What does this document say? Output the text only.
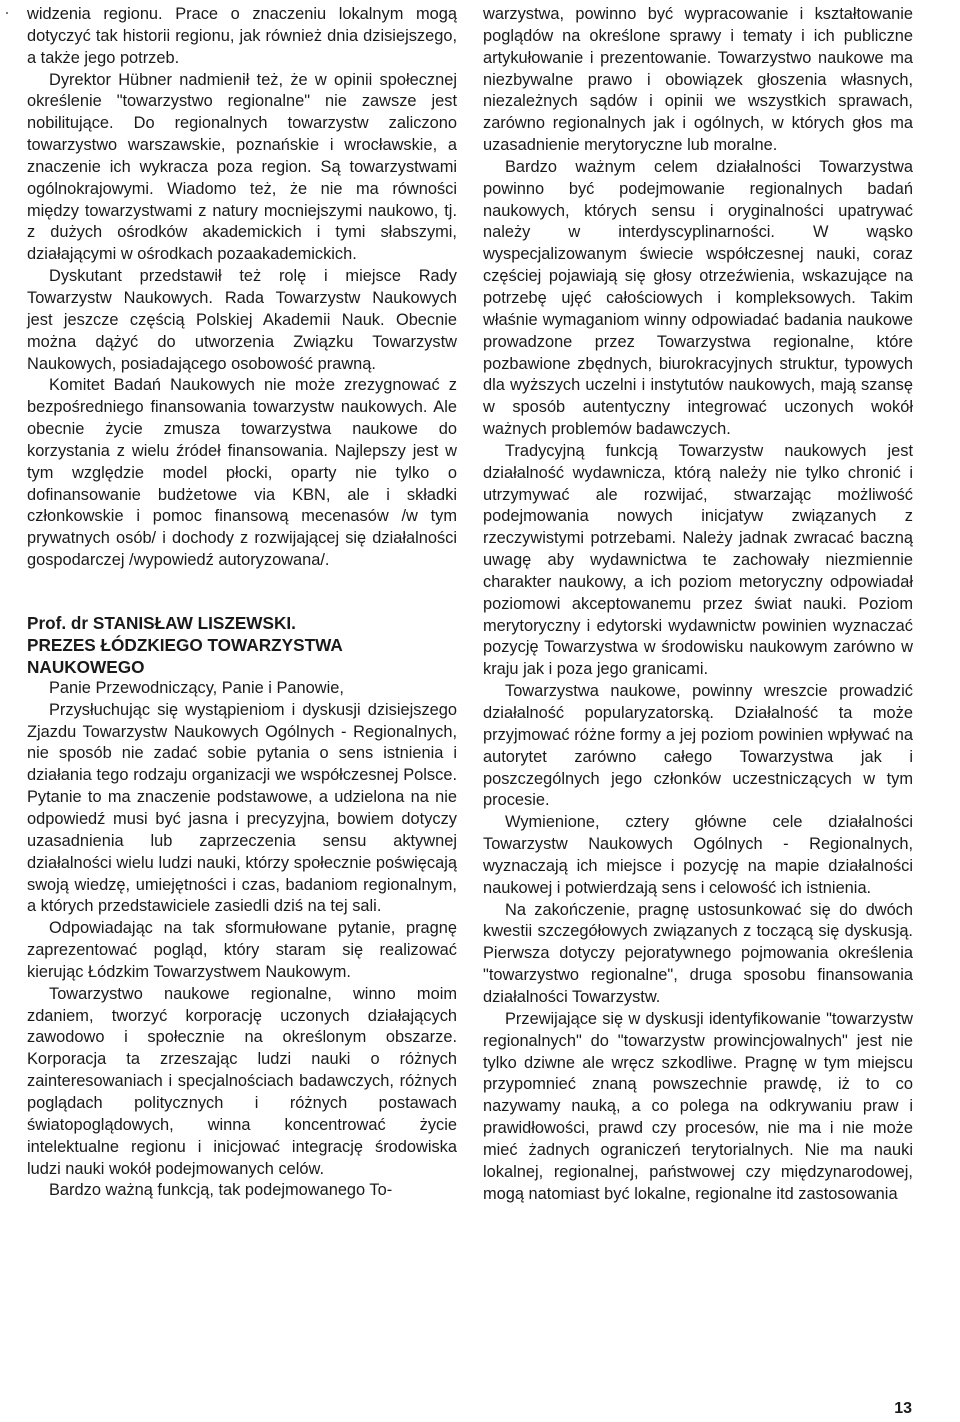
widzenia regionu. Prace o znaczeniu lokalnym mogą dotyczyć tak historii regionu, jak również dnia dzisiejszego, a także jego potrzeb.

Dyrektor Hübner nadmienił też, że w opinii społecznej określenie "towarzystwo regionalne" nie zawsze jest nobilitujące. Do regionalnych towarzystw zaliczono towarzystwo warszawskie, poznańskie i wrocławskie, a znaczenie ich wykracza poza region. Są towarzystwami ogólnokrajowymi. Wiadomo też, że nie ma równości między towarzystwami z natury mocniejszymi naukowo, tj. z dużych ośrodków akademickich i tymi słabszymi, działającymi w ośrodkach pozaakademickich.

Dyskutant przedstawił też rolę i miejsce Rady Towarzystw Naukowych. Rada Towarzystw Naukowych jest jeszcze częścią Polskiej Akademii Nauk. Obecnie można dążyć do utworzenia Związku Towarzystw Naukowych, posiadającego osobowość prawną.

Komitet Badań Naukowych nie może zrezygnować z bezpośredniego finansowania towarzystw naukowych. Ale obecnie życie zmusza towarzystwa naukowe do korzystania z wielu źródeł finansowania. Najlepszy jest w tym względzie model płocki, oparty nie tylko o dofinansowanie budżetowe via KBN, ale i składki członkowskie i pomoc finansową mecenasów /w tym prywatnych osób/ i dochody z rozwijającej się działalności gospodarczej /wypowiedź autoryzowana/.

Prof. dr STANISŁAW LISZEWSKI.

PREZES ŁÓDZKIEGO TOWARZYSTWA NAUKOWEGO

Panie Przewodniczący, Panie i Panowie,

Przysłuchując się wystąpieniom i dyskusji dzisiejszego Zjazdu Towarzystw Naukowych Ogólnych - Regionalnych, nie sposób nie zadać sobie pytania o sens istnienia i działania tego rodzaju organizacji we współczesnej Polsce. Pytanie to ma znaczenie podstawowe, a udzielona na nie odpowiedź musi być jasna i precyzyjna, bowiem dotyczy uzasadnienia lub zaprzeczenia sensu aktywnej działalności wielu ludzi nauki, którzy społecznie poświęcają swoją wiedzę, umiejętności i czas, badaniom regionalnym, a których przedstawiciele zasiedli dziś na tej sali.

Odpowiadając na tak sformułowane pytanie, pragnę zaprezentować pogląd, który staram się realizować kierując Łódzkim Towarzystwem Naukowym.

Towarzystwo naukowe regionalne, winno moim zdaniem, tworzyć korporację uczonych działających zawodowo i społecznie na określonym obszarze. Korporacja ta zrzeszając ludzi nauki o różnych zainteresowaniach i specjalnościach badawczych, różnych poglądach politycznych i różnych postawach światopoglądowych, winna koncentrować życie intelektualne regionu i inicjować integrację środowiska ludzi nauki wokół podejmowanych celów.

Bardzo ważną funkcją, tak podejmowanego To-

warzystwa, powinno być wypracowanie i kształtowanie poglądów na określone sprawy i tematy i ich publiczne artykułowanie i prezentowanie. Towarzystwo naukowe ma niezbywalne prawo i obowiązek głoszenia własnych, niezależnych sądów i opinii we wszystkich sprawach, zarówno regionalnych jak i ogólnych, w których głos ma uzasadnienie merytoryczne lub moralne.

Bardzo ważnym celem działalności Towarzystwa powinno być podejmowanie regionalnych badań naukowych, których sensu i oryginalności upatrywać należy w interdyscyplinarności. W wąsko wyspecjalizowanym świecie współczesnej nauki, coraz częściej pojawiają się głosy otrzeźwienia, wskazujące na potrzebę ujęć całościowych i kompleksowych. Takim właśnie wymaganiom winny odpowiadać badania naukowe prowadzone przez Towarzystwa regionalne, które pozbawione zbędnych, biurokracyjnych struktur, typowych dla wyższych uczelni i instytutów naukowych, mają szansę w sposób autentyczny integrować uczonych wokół ważnych problemów badawczych.

Tradycyjną funkcją Towarzystw naukowych jest działalność wydawnicza, którą należy nie tylko chronić i utrzymywać ale rozwijać, stwarzając możliwość podejmowania nowych inicjatyw związanych z rzeczywistymi potrzebami. Należy jadnak zwracać baczną uwagę aby wydawnictwa te zachowały niezmiennie charakter naukowy, a ich poziom metoryczny odpowiadał poziomowi akceptowanemu przez świat nauki. Poziom merytoryczny i edytorski wydawnictw powinien wyznaczać pozycję Towarzystwa w środowisku naukowym zarówno w kraju jak i poza jego granicami.

Towarzystwa naukowe, powinny wreszcie prowadzić działalność popularyzatorską. Działalność ta może przyjmować różne formy a jej poziom powinien wpływać na autorytet zarówno całego Towarzystwa jak i poszczególnych jego członków uczestniczących w tym procesie.

Wymienione, cztery główne cele działalności Towarzystw Naukowych Ogólnych - Regionalnych, wyznaczają ich miejsce i pozycję na mapie działalności naukowej i potwierdzają sens i celowość ich istnienia.

Na zakończenie, pragnę ustosunkować się do dwóch kwestii szczegółowych związanych z toczącą się dyskusją. Pierwsza dotyczy pejoratywnego pojmowania określenia "towarzystwo regionalne", druga sposobu finansowania działalności Towarzystw.

Przewijające się w dyskusji identyfikowanie "towarzystw regionalnych" do "towarzystw prowincjowalnych" jest nie tylko dziwne ale wręcz szkodliwe. Pragnę w tym miejscu przypomnieć znaną powszechnie prawdę, iż to co nazywamy nauką, a co polega na odkrywaniu praw i prawidłowości, prawd czy procesów, nie ma i nie może mieć żadnych ograniczeń terytorialnych. Nie ma nauki lokalnej, regionalnej, państwowej czy międzynarodowej, mogą natomiast być lokalne, regionalne itd zastosowania

13
